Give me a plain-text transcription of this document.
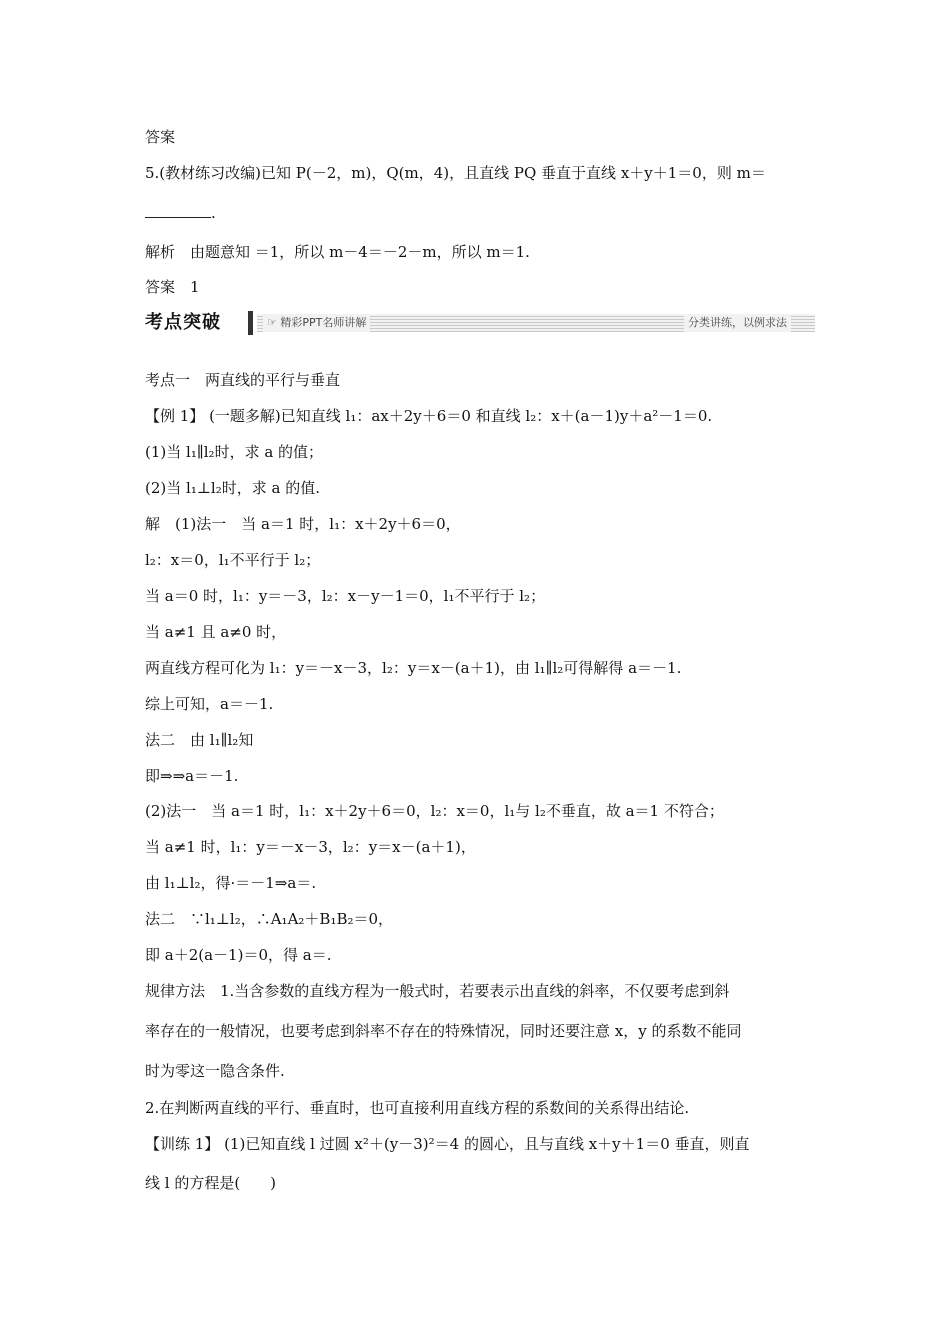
答案
5.(教材练习改编)已知 P(－2，m)，Q(m，4)，且直线 PQ 垂直于直线 x＋y＋1＝0，则 m＝
.
解析　由题意知 ＝1，所以 m－4＝－2－m，所以 m＝1.
答案　1
考点突破	☞ 精彩PPT名师讲解	分类讲练，以例求法
考点一　两直线的平行与垂直
【例 1】 (一题多解)已知直线 l₁：ax＋2y＋6＝0 和直线 l₂：x＋(a－1)y＋a²－1＝0.
(1)当 l₁∥l₂时，求 a 的值；
(2)当 l₁⊥l₂时，求 a 的值.
解　(1)法一　当 a＝1 时，l₁：x＋2y＋6＝0，
l₂：x＝0，l₁不平行于 l₂；
当 a＝0 时，l₁：y＝－3，l₂：x－y－1＝0，l₁不平行于 l₂；
当 a≠1 且 a≠0 时，
两直线方程可化为 l₁：y＝－x－3，l₂：y＝x－(a＋1)，由 l₁∥l₂可得解得 a＝－1.
综上可知，a＝－1.
法二　由 l₁∥l₂知
即⇒⇒a＝－1.
(2)法一　当 a＝1 时，l₁：x＋2y＋6＝0，l₂：x＝0，l₁与 l₂不垂直，故 a＝1 不符合；
当 a≠1 时，l₁：y＝－x－3，l₂：y＝x－(a＋1)，
由 l₁⊥l₂，得·＝－1⇒a＝.
法二　∵l₁⊥l₂，∴A₁A₂＋B₁B₂＝0，
即 a＋2(a－1)＝0，得 a＝.
规律方法　1.当含参数的直线方程为一般式时，若要表示出直线的斜率，不仅要考虑到斜
率存在的一般情况，也要考虑到斜率不存在的特殊情况，同时还要注意 x，y 的系数不能同
时为零这一隐含条件.
2.在判断两直线的平行、垂直时，也可直接利用直线方程的系数间的关系得出结论.
【训练 1】 (1)已知直线 l 过圆 x²＋(y－3)²＝4 的圆心，且与直线 x＋y＋1＝0 垂直，则直
线 l 的方程是(　　)
